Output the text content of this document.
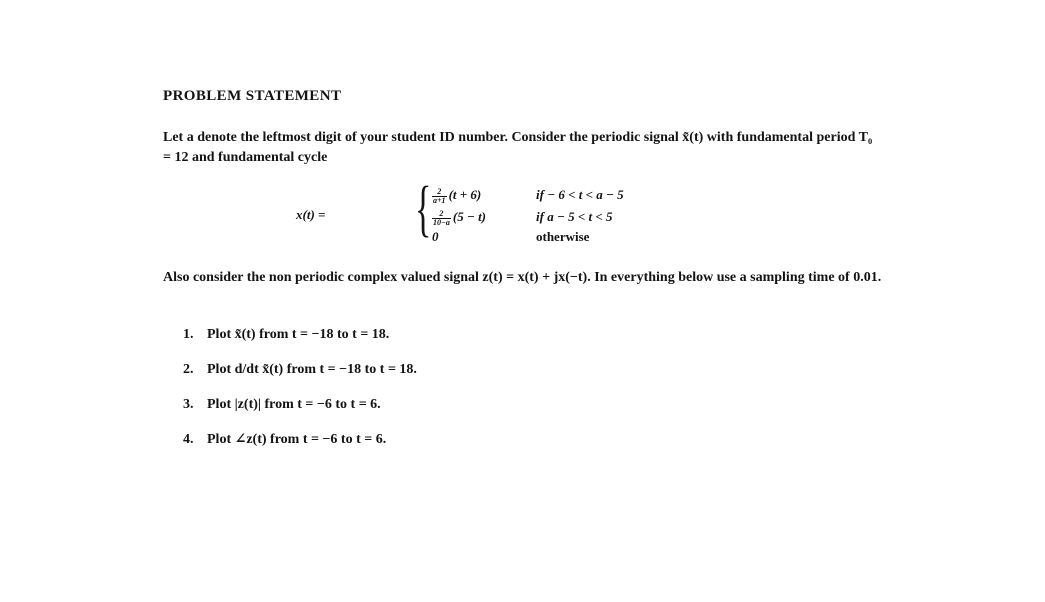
PROBLEM STATEMENT
Let a denote the leftmost digit of your student ID number. Consider the periodic signal x̃(t) with fundamental period T₀ = 12 and fundamental cycle
x(t) = { $\frac{2}{a+1} (t + 6)$	if − 6 < t < a − 5
$\frac{2}{10-a} (5 - t)$	if a − 5 < t < 5
0	otherwise
Also consider the non periodic complex valued signal z(t) = x(t) + jx(−t). In everything below use a sampling time of 0.01.
1. Plot x̃(t) from t = −18 to t = 18.
2. Plot d/dt x̃(t) from t = −18 to t = 18.
3. Plot |z(t)| from t = −6 to t = 6.
4. Plot ∠z(t) from t = −6 to t = 6.
